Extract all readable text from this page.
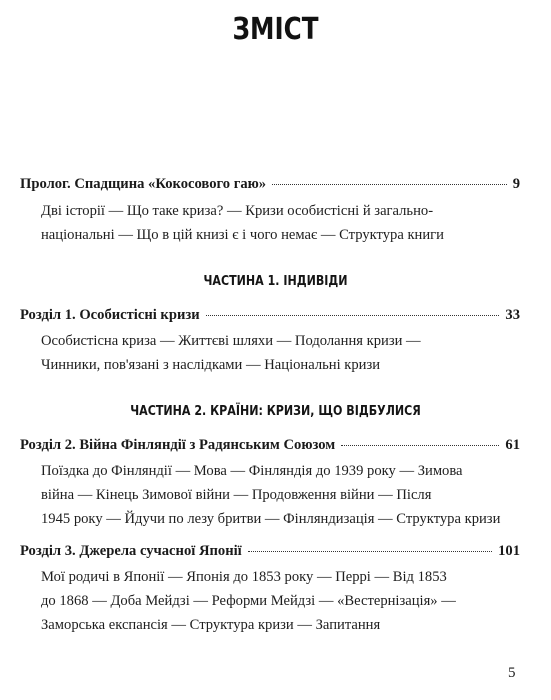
ЗМІСТ
Пролог. Спадщина «Кокосового гаю»	9
Дві історії — Що таке криза? — Кризи особистісні й загально-
національні — Що в цій книзі є і чого немає — Структура книги
ЧАСТИНА 1. ІНДИВІДИ
Розділ 1. Особистісні кризи	33
Особистісна криза — Життєві шляхи — Подолання кризи —
Чинники, пов'язані з наслідками — Національні кризи
ЧАСТИНА 2. КРАЇНИ: КРИЗИ, ЩО ВІДБУЛИСЯ
Розділ 2. Війна Фінляндії з Радянським Союзом	61
Поїздка до Фінляндії — Мова — Фінляндія до 1939 року — Зимова
війна — Кінець Зимової війни — Продовження війни — Після
1945 року — Йдучи по лезу бритви — Фінляндизація — Структура кризи
Розділ 3. Джерела сучасної Японії	101
Мої родичі в Японії — Японія до 1853 року — Перрі — Від 1853
до 1868 — Доба Мейдзі — Реформи Мейдзі — «Вестернізація» —
Заморська експансія — Структура кризи — Запитання
5
